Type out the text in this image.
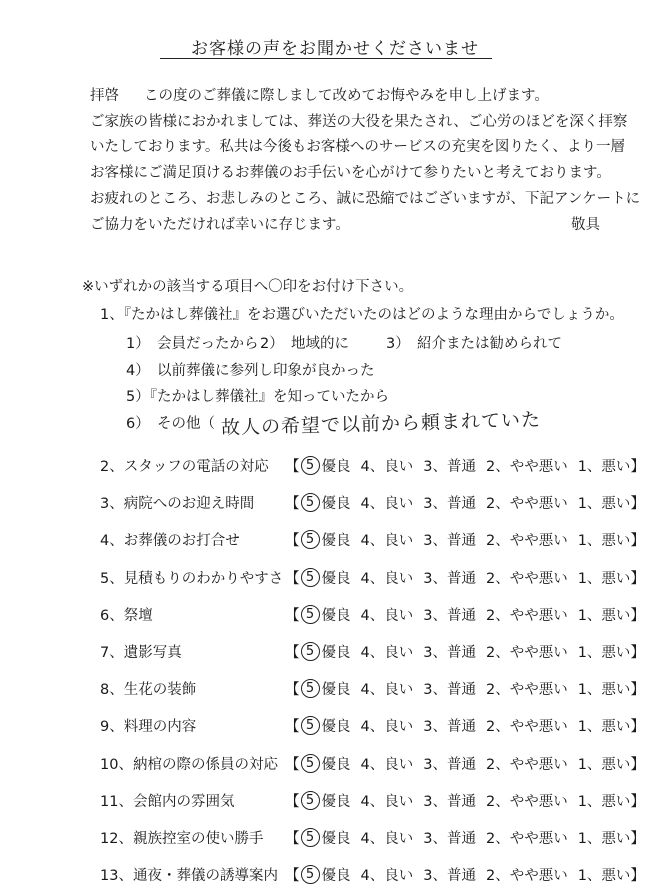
お客様の声をお聞かせくださいませ
拝啓	この度のご葬儀に際しまして改めてお悔やみを申し上げます。
ご家族の皆様におかれましては、葬送の大役を果たされ、ご心労のほどを深く拝察
いたしております。私共は今後もお客様へのサービスの充実を図りたく、より一層
お客様にご満足頂けるお葬儀のお手伝いを心がけて参りたいと考えております。
お疲れのところ、お悲しみのところ、誠に恐縮ではございますが、下記アンケートに
ご協力をいただければ幸いに存じます。	敬具
※いずれかの該当する項目へ〇印をお付け下さい。
1、『たかはし葬儀社』をお選びいただいたのはどのような理由からでしょうか。
1）　会員だったから 2）　地域的に	3）　紹介または勧められて
4）　以前葬儀に参列し印象が良かった
5）『たかはし葬儀社』を知っていたから
6）　その他（ 故人の希望で以前から頼まれていた
2、スタッフの電話の対応 【 5 優良 4、良い 3、普通 2、やや悪い 1、悪い 】
3、病院へのお迎え時間 【 5 優良 4、良い 3、普通 2、やや悪い 1、悪い 】
4、お葬儀のお打合せ	【 5 優良 4、良い 3、普通 2、やや悪い 1、悪い 】
5、見積もりのわかりやすさ 【 5 優良 4、良い 3、普通 2、やや悪い 1、悪い 】
6、祭壇	【 5 優良 4、良い 3、普通 2、やや悪い 1、悪い 】
7、遺影写真	【 5 優良 4、良い 3、普通 2、やや悪い 1、悪い 】
8、生花の装飾	【 5 優良 4、良い 3、普通 2、やや悪い 1、悪い 】
9、料理の内容	【 5 優良 4、良い 3、普通 2、やや悪い 1、悪い 】
10、納棺の際の係員の対応 【 5 優良 4、良い 3、普通 2、やや悪い 1、悪い 】
11、会館内の雰囲気	【 5 優良 4、良い 3、普通 2、やや悪い 1、悪い 】
12、親族控室の使い勝手 【 5 優良 4、良い 3、普通 2、やや悪い 1、悪い 】
13、通夜・葬儀の誘導案内 【 5 優良 4、良い 3、普通 2、やや悪い 1、悪い 】
